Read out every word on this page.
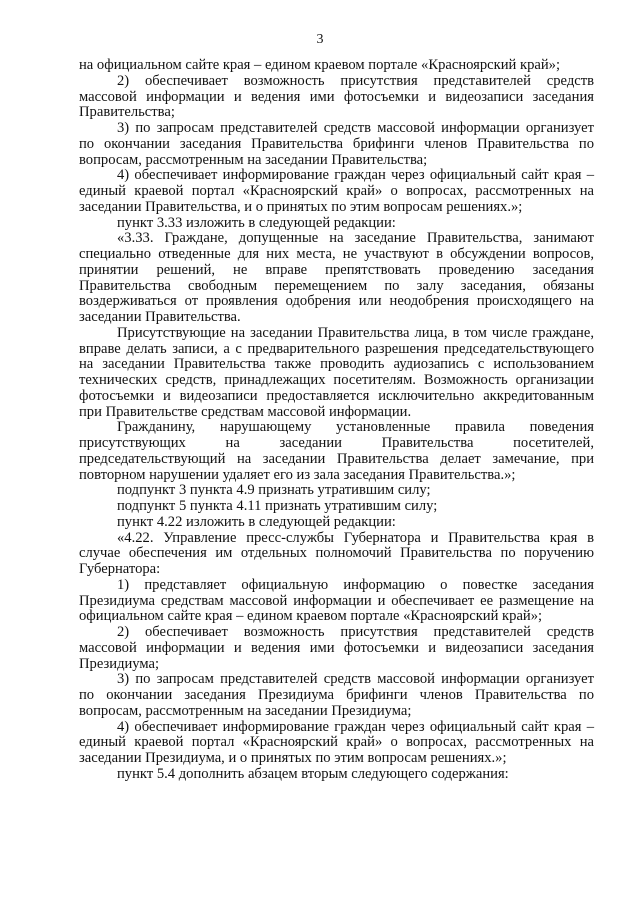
3

на официальном сайте края – едином краевом портале «Красноярский край»;

2) обеспечивает возможность присутствия представителей средств массовой информации и ведения ими фотосъемки и видеозаписи заседания Правительства;

3) по запросам представителей средств массовой информации организует по окончании заседания Правительства брифинги членов Правительства по вопросам, рассмотренным на заседании Правительства;

4) обеспечивает информирование граждан через официальный сайт края – единый краевой портал «Красноярский край» о вопросах, рассмотренных на заседании Правительства, и о принятых по этим вопросам решениях.»;

пункт 3.33 изложить в следующей редакции:

«3.33. Граждане, допущенные на заседание Правительства, занимают специально отведенные для них места, не участвуют в обсуждении вопросов, принятии решений, не вправе препятствовать проведению заседания Правительства свободным перемещением по залу заседания, обязаны воздерживаться от проявления одобрения или неодобрения происходящего на заседании Правительства.

Присутствующие на заседании Правительства лица, в том числе граждане, вправе делать записи, а с предварительного разрешения председательствующего на заседании Правительства также проводить аудиозапись с использованием технических средств, принадлежащих посетителям. Возможность организации фотосъемки и видеозаписи предоставляется исключительно аккредитованным при Правительстве средствам массовой информации.

Гражданину, нарушающему установленные правила поведения присутствующих на заседании Правительства посетителей, председательствующий на заседании Правительства делает замечание, при повторном нарушении удаляет его из зала заседания Правительства.»;

подпункт 3 пункта 4.9 признать утратившим силу;

подпункт 5 пункта 4.11 признать утратившим силу;

пункт 4.22 изложить в следующей редакции:

«4.22. Управление пресс-службы Губернатора и Правительства края в случае обеспечения им отдельных полномочий Правительства по поручению Губернатора:

1) представляет официальную информацию о повестке заседания Президиума средствам массовой информации и обеспечивает ее размещение на официальном сайте края – едином краевом портале «Красноярский край»;

2) обеспечивает возможность присутствия представителей средств массовой информации и ведения ими фотосъемки и видеозаписи заседания Президиума;

3) по запросам представителей средств массовой информации организует по окончании заседания Президиума брифинги членов Правительства по вопросам, рассмотренным на заседании Президиума;

4) обеспечивает информирование граждан через официальный сайт края – единый краевой портал «Красноярский край» о вопросах, рассмотренных на заседании Президиума, и о принятых по этим вопросам решениях.»;

пункт 5.4 дополнить абзацем вторым следующего содержания:
